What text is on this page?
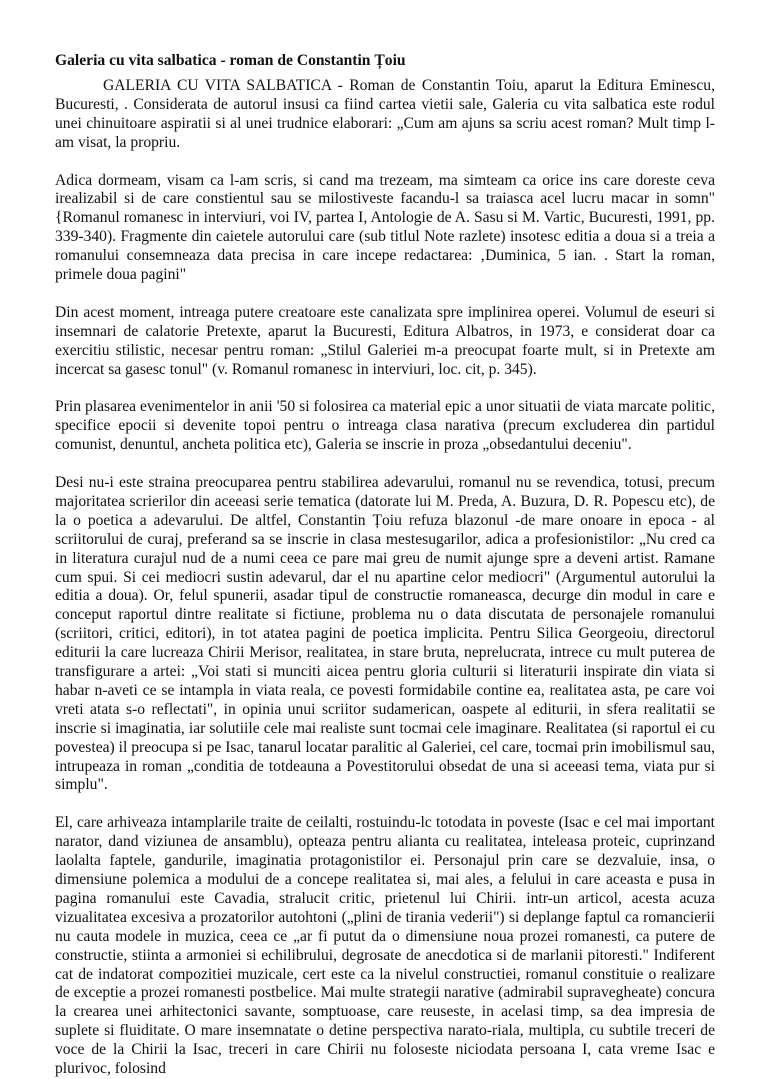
Galeria cu vita salbatica - roman de Constantin Țoiu

GALERIA CU VITA SALBATICA - Roman de Constantin Toiu, aparut la Editura Eminescu, Bucuresti, . Considerata de autorul insusi ca fiind cartea vietii sale, Galeria cu vita salbatica este rodul unei chinuitoare aspiratii si al unei trudnice elaborari: „Cum am ajuns sa scriu acest roman? Mult timp l-am visat, la propriu.

Adica dormeam, visam ca l-am scris, si cand ma trezeam, ma simteam ca orice ins care doreste ceva irealizabil si de care constientul sau se milostiveste facandu-l sa traiasca acel lucru macar in somn" {Romanul romanesc in interviuri, voi IV, partea I, Antologie de A. Sasu si M. Vartic, Bucuresti, 1991, pp. 339-340). Fragmente din caietele autorului care (sub titlul Note razlete) insotesc editia a doua si a treia a romanului consemneaza data precisa in care incepe redactarea: ‚Duminica, 5 ian. . Start la roman, primele doua pagini"

Din acest moment, intreaga putere creatoare este canalizata spre implinirea operei. Volumul de eseuri si insemnari de calatorie Pretexte, aparut la Bucuresti, Editura Albatros, in 1973, e considerat doar ca exercitiu stilistic, necesar pentru roman: „Stilul Galeriei m-a preocupat foarte mult, si in Pretexte am incercat sa gasesc tonul" (v. Romanul romanesc in interviuri, loc. cit, p. 345).

Prin plasarea evenimentelor in anii '50 si folosirea ca material epic a unor situatii de viata marcate politic, specifice epocii si devenite topoi pentru o intreaga clasa narativa (precum excluderea din partidul comunist, denuntul, ancheta politica etc), Galeria se inscrie in proza „obsedantului deceniu".

Desi nu-i este straina preocuparea pentru stabilirea adevarului, romanul nu se revendica, totusi, precum majoritatea scrierilor din aceeasi serie tematica (datorate lui M. Preda, A. Buzura, D. R. Popescu etc), de la o poetica a adevarului. De altfel, Constantin Țoiu refuza blazonul -de mare onoare in epoca - al scriitorului de curaj, preferand sa se inscrie in clasa mestesugarilor, adica a profesionistilor: „Nu cred ca in literatura curajul nud de a numi ceea ce pare mai greu de numit ajunge spre a deveni artist. Ramane cum spui. Si cei mediocri sustin adevarul, dar el nu apartine celor mediocri" (Argumentul autorului la editia a doua). Or, felul spunerii, asadar tipul de constructie romaneasca, decurge din modul in care e conceput raportul dintre realitate si fictiune, problema nu o data discutata de personajele romanului (scriitori, critici, editori), in tot atatea pagini de poetica implicita. Pentru Silica Georgeoiu, directorul editurii la care lucreaza Chirii Merisor, realitatea, in stare bruta, neprelucrata, intrece cu mult puterea de transfigurare a artei: „Voi stati si munciti aicea pentru gloria culturii si literaturii inspirate din viata si habar n-aveti ce se intampla in viata reala, ce povesti formidabile contine ea, realitatea asta, pe care voi vreti atata s-o reflectati", in opinia unui scriitor sudamerican, oaspete al editurii, in sfera realitatii se inscrie si imaginatia, iar solutiile cele mai realiste sunt tocmai cele imaginare. Realitatea (si raportul ei cu povestea) il preocupa si pe Isac, tanarul locatar paralitic al Galeriei, cel care, tocmai prin imobilismul sau, intrupeaza in roman „conditia de totdeauna a Povestitorului obsedat de una si aceeasi tema, viata pur si simplu".

El, care arhiveaza intamplarile traite de ceilalti, rostuindu-lc totodata in poveste (Isac e cel mai important narator, dand viziunea de ansamblu), opteaza pentru alianta cu realitatea, inteleasa proteic, cuprinzand laolalta faptele, gandurile, imaginatia protagonistilor ei. Personajul prin care se dezvaluie, insa, o dimensiune polemica a modului de a concepe realitatea si, mai ales, a felului in care aceasta e pusa in pagina romanului este Cavadia, stralucit critic, prietenul lui Chirii. intr-un articol, acesta acuza vizualitatea excesiva a prozatorilor autohtoni („plini de tirania vederii") si deplange faptul ca romancierii nu cauta modele in muzica, ceea ce „ar fi putut da o dimensiune noua prozei romanesti, ca putere de constructie, stiinta a armoniei si echilibrului, degrosate de anecdotica si de marlanii pitoresti." Indiferent cat de indatorat compozitiei muzicale, cert este ca la nivelul constructiei, romanul constituie o realizare de exceptie a prozei romanesti postbelice. Mai multe strategii narative (admirabil supravegheate) concura la crearea unei arhitectonici savante, somptuoase, care reuseste, in acelasi timp, sa dea impresia de suplete si fluiditate. O mare insemnatate o detine perspectiva narato-riala, multipla, cu subtile treceri de voce de la Chirii la Isac, treceri in care Chirii nu foloseste niciodata persoana I, cata vreme Isac e plurivoc, folosind
